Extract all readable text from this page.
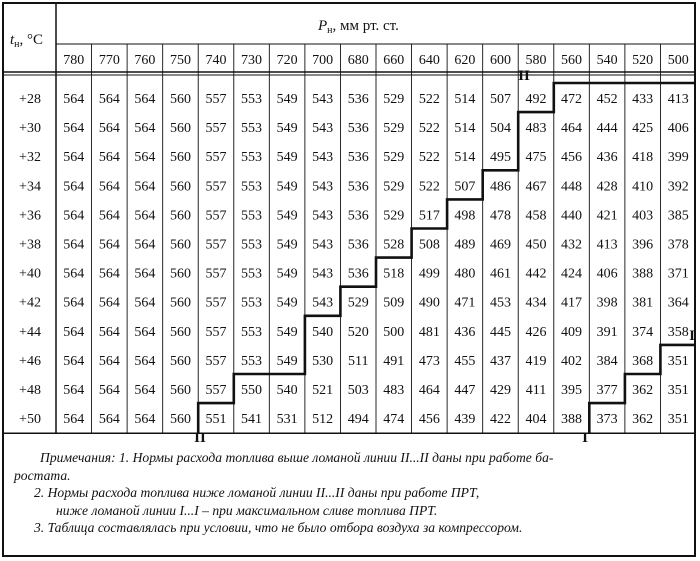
$t_н$, °C
$P_н$, мм рт. ст.
780 770 760 750 740 730 720 700 680 660 640 620 600 580 560 540 520 500
+28 564 564 564 560 557 553 549 543 536 529 522 514 507 492 472 452 433 413
+30 564 564 564 560 557 553 549 543 536 529 522 514 504 483 464 444 425 406
+32 564 564 564 560 557 553 549 543 536 529 522 514 495 475 456 436 418 399
+34 564 564 564 560 557 553 549 543 536 529 522 507 486 467 448 428 410 392
+36 564 564 564 560 557 553 549 543 536 529 517 498 478 458 440 421 403 385
+38 564 564 564 560 557 553 549 543 536 528 508 489 469 450 432 413 396 378
+40 564 564 564 560 557 553 549 543 536 518 499 480 461 442 424 406 388 371
+42 564 564 564 560 557 553 549 543 529 509 490 471 453 434 417 398 381 364
+44 564 564 564 560 557 553 549 540 520 500 481 436 445 426 409 391 374 358
+46 564 564 564 560 557 553 549 530 511 491 473 455 437 419 402 384 368 351
+48 564 564 564 560 557 550 540 521 503 483 464 447 429 411 395 377 362 351
+50 564 564 564 560 551 541 531 512 494 474 456 439 422 404 388 373 362 351
II
II	I
I

Примечания: 1. Нормы расхода топлива выше ломаной линии II...II даны при работе ба-

ростата.

2. Нормы расхода топлива ниже ломаной линии II...II даны при работе ПРТ,

ниже ломаной линии I...I – при максимальном сливе топлива ПРТ.

3. Таблица составлялась при условии, что не было отбора воздуха за компрессором.
